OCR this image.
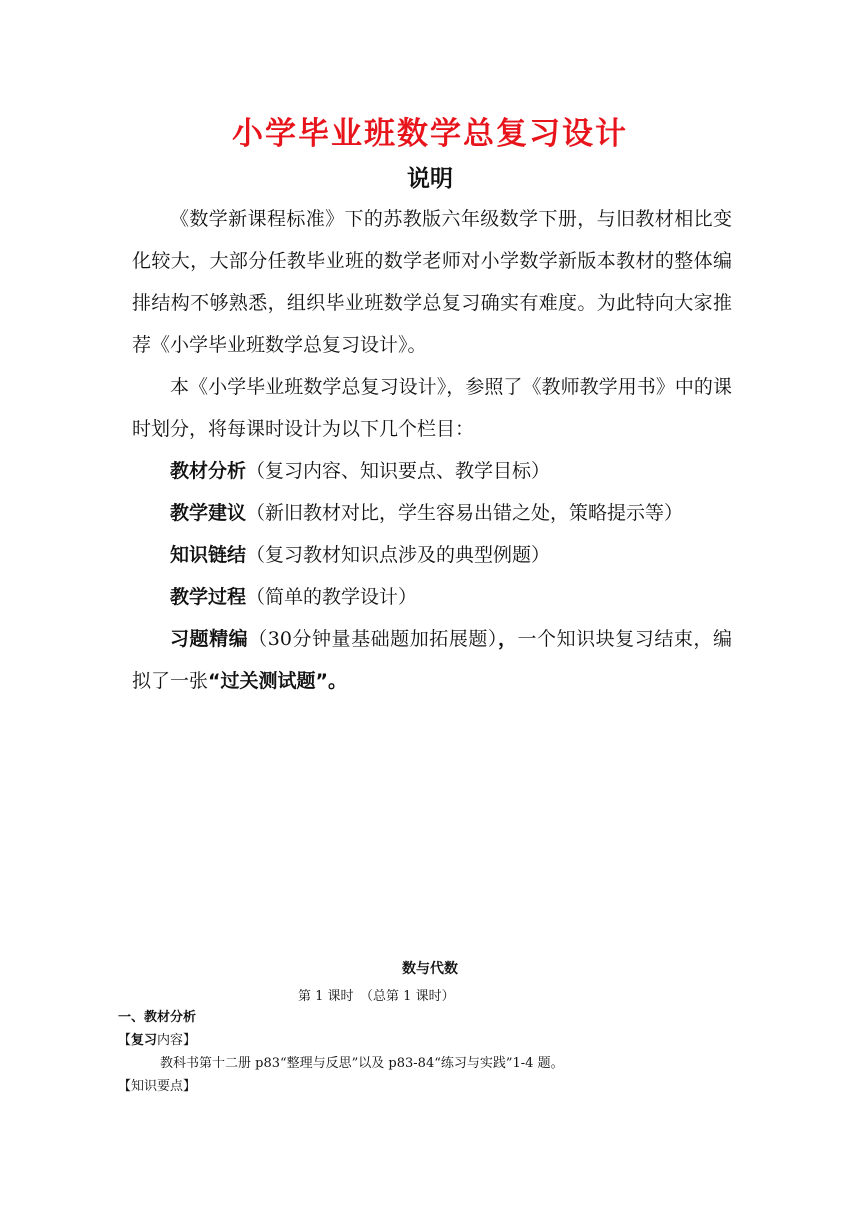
小学毕业班数学总复习设计
说明

《数学新课程标准》下的苏教版六年级数学下册，与旧教材相比变化较大，大部分任教毕业班的数学老师对小学数学新版本教材的整体编排结构不够熟悉，组织毕业班数学总复习确实有难度。为此特向大家推荐《小学毕业班数学总复习设计》。

本《小学毕业班数学总复习设计》，参照了《教师教学用书》中的课时划分，将每课时设计为以下几个栏目：

教材分析（复习内容、知识要点、教学目标）

教学建议（新旧教材对比，学生容易出错之处，策略提示等）

知识链结（复习教材知识点涉及的典型例题）

教学过程（简单的教学设计）

习题精编（30分钟量基础题加拓展题），一个知识块复习结束，编拟了一张“过关测试题”。

数与代数
第 1 课时　（总第 1 课时）
一、教材分析
【复习内容】
教科书第十二册 p83“整理与反思”以及 p83-84“练习与实践”1-4 题。
【知识要点】
